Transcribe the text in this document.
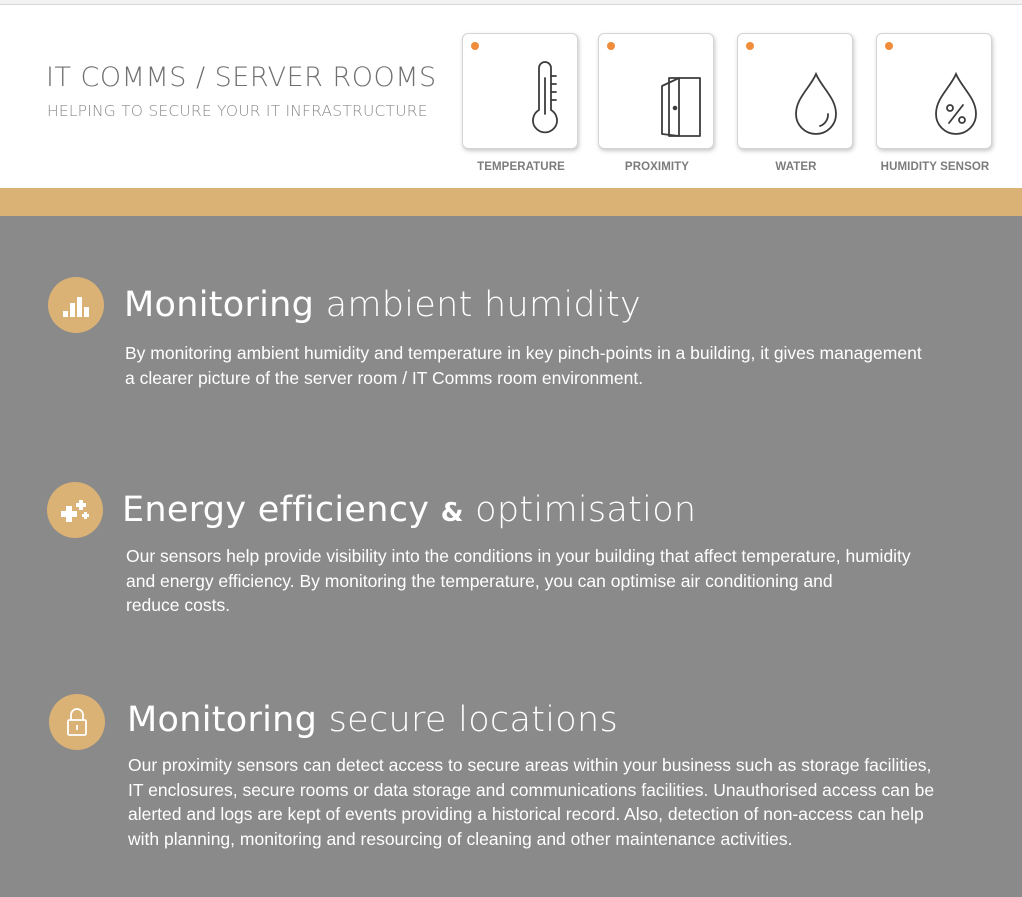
IT COMMS / SERVER ROOMS
HELPING TO SECURE YOUR IT INFRASTRUCTURE
TEMPERATURE	PROXIMITY	WATER	HUMIDITY SENSOR
Monitoring ambient humidity
By monitoring ambient humidity and temperature in key pinch-points in a building, it gives management
a clearer picture of the server room / IT Comms room environment.
Energy efficiency & optimisation
Our sensors help provide visibility into the conditions in your building that affect temperature, humidity
and energy efficiency. By monitoring the temperature, you can optimise air conditioning and
reduce costs.
Monitoring secure locations
Our proximity sensors can detect access to secure areas within your business such as storage facilities,
IT enclosures, secure rooms or data storage and communications facilities. Unauthorised access can be
alerted and logs are kept of events providing a historical record. Also, detection of non-access can help
with planning, monitoring and resourcing of cleaning and other maintenance activities.
